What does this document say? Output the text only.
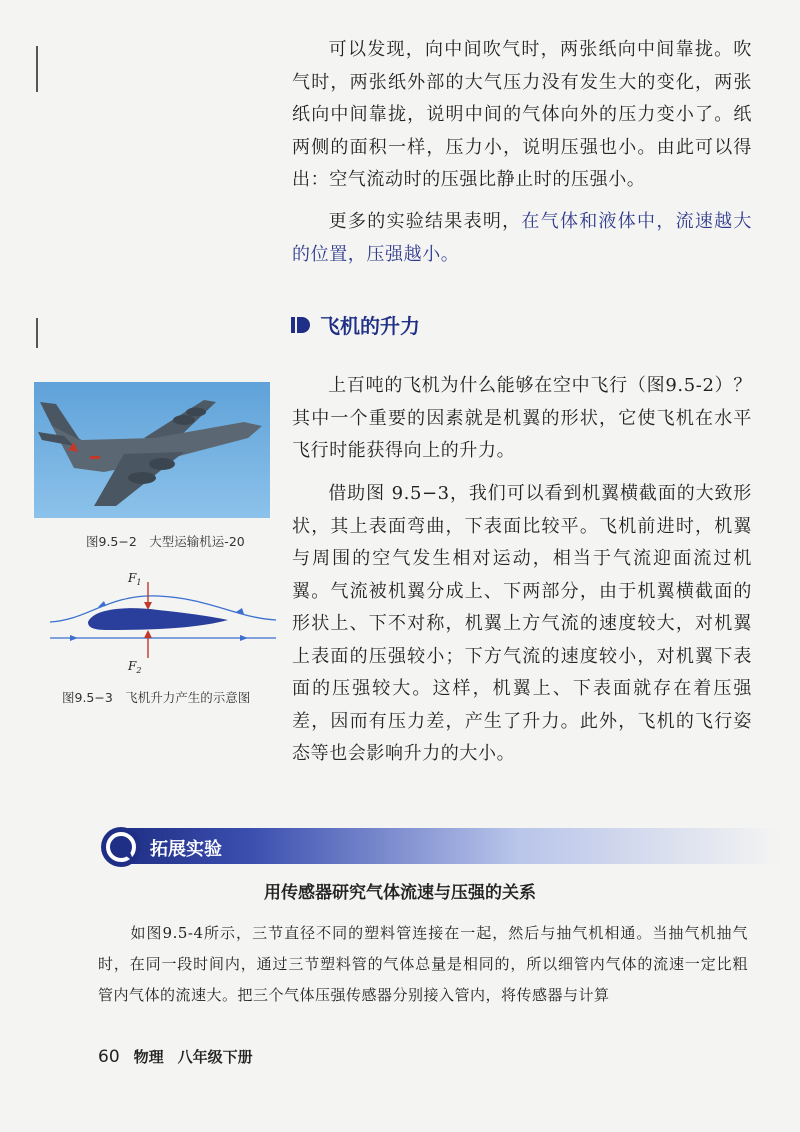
可以发现，向中间吹气时，两张纸向中间靠拢。吹气时，两张纸外部的大气压力没有发生大的变化，两张纸向中间靠拢，说明中间的气体向外的压力变小了。纸两侧的面积一样，压力小，说明压强也小。由此可以得出：空气流动时的压强比静止时的压强小。

更多的实验结果表明，在气体和液体中，流速越大的位置，压强越小。

飞机的升力
图9.5−2　大型运输机运-20
$F_1$
$F_2$
图9.5−3　飞机升力产生的示意图

上百吨的飞机为什么能够在空中飞行（图9.5-2）？其中一个重要的因素就是机翼的形状，它使飞机在水平飞行时能获得向上的升力。

借助图 9.5−3，我们可以看到机翼横截面的大致形状，其上表面弯曲，下表面比较平。飞机前进时，机翼与周围的空气发生相对运动，相当于气流迎面流过机翼。气流被机翼分成上、下两部分，由于机翼横截面的形状上、下不对称，机翼上方气流的速度较大，对机翼上表面的压强较小；下方气流的速度较小，对机翼下表面的压强较大。这样，机翼上、下表面就存在着压强差，因而有压力差，产生了升力。此外，飞机的飞行姿态等也会影响升力的大小。

拓展实验
用传感器研究气体流速与压强的关系

如图9.5-4所示，三节直径不同的塑料管连接在一起，然后与抽气机相通。当抽气机抽气时，在同一段时间内，通过三节塑料管的气体总量是相同的，所以细管内气体的流速一定比粗管内气体的流速大。把三个气体压强传感器分别接入管内，将传感器与计算

60 物理 八年级下册
